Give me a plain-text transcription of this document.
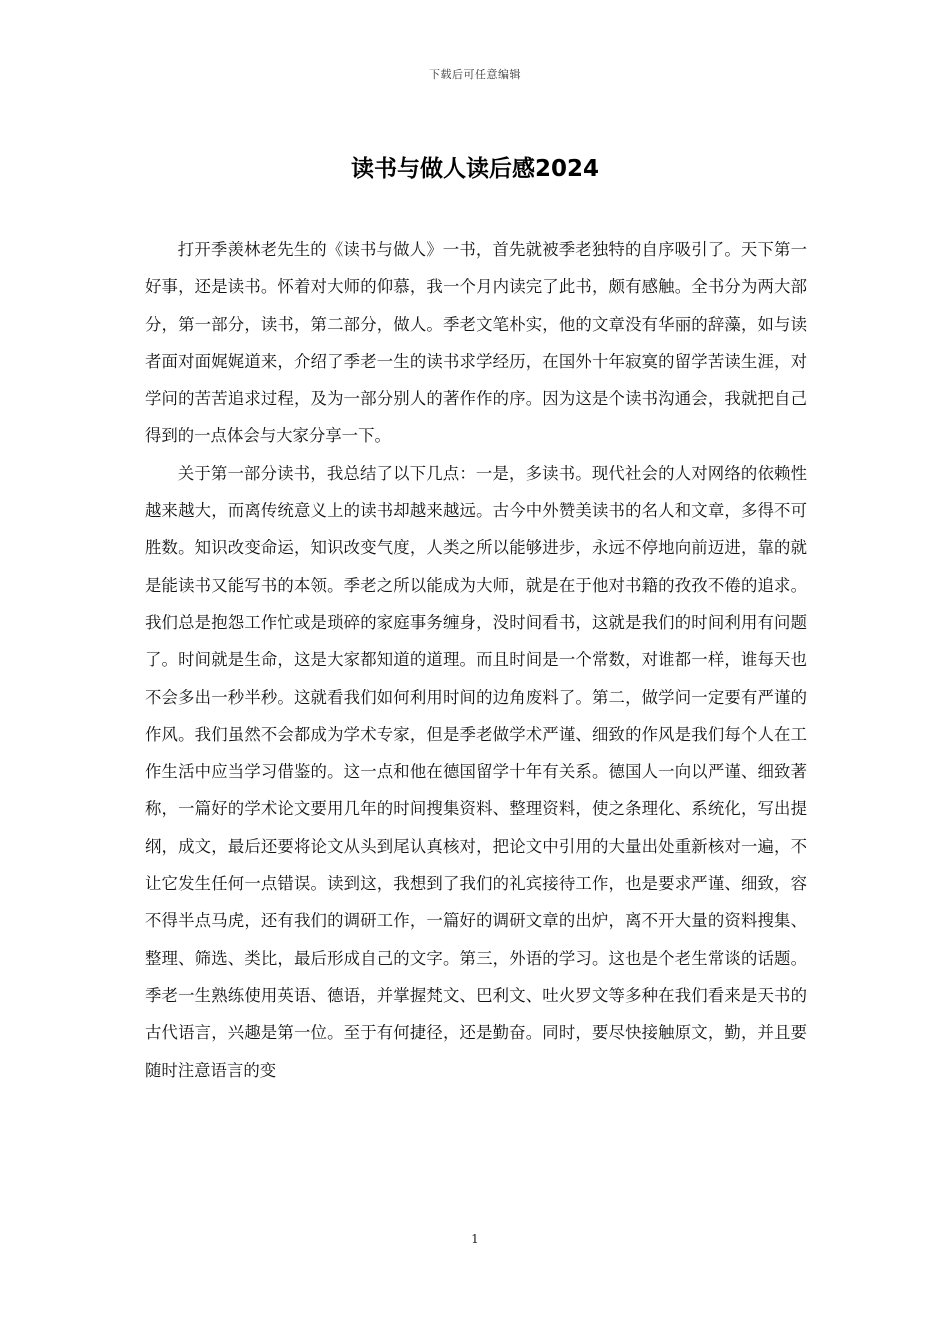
下载后可任意编辑
读书与做人读后感2024

打开季羡林老先生的《读书与做人》一书，首先就被季老独特的自序吸引了。天下第一好事，还是读书。怀着对大师的仰慕，我一个月内读完了此书，颇有感触。全书分为两大部分，第一部分，读书，第二部分，做人。季老文笔朴实，他的文章没有华丽的辞藻，如与读者面对面娓娓道来，介绍了季老一生的读书求学经历，在国外十年寂寞的留学苦读生涯，对学问的苦苦追求过程，及为一部分别人的著作作的序。因为这是个读书沟通会，我就把自己得到的一点体会与大家分享一下。

关于第一部分读书，我总结了以下几点：一是，多读书。现代社会的人对网络的依赖性越来越大，而离传统意义上的读书却越来越远。古今中外赞美读书的名人和文章，多得不可胜数。知识改变命运，知识改变气度，人类之所以能够进步，永远不停地向前迈进，靠的就是能读书又能写书的本领。季老之所以能成为大师，就是在于他对书籍的孜孜不倦的追求。我们总是抱怨工作忙或是琐碎的家庭事务缠身，没时间看书，这就是我们的时间利用有问题了。时间就是生命，这是大家都知道的道理。而且时间是一个常数，对谁都一样，谁每天也不会多出一秒半秒。这就看我们如何利用时间的边角废料了。第二，做学问一定要有严谨的作风。我们虽然不会都成为学术专家，但是季老做学术严谨、细致的作风是我们每个人在工作生活中应当学习借鉴的。这一点和他在德国留学十年有关系。德国人一向以严谨、细致著称，一篇好的学术论文要用几年的时间搜集资料、整理资料，使之条理化、系统化，写出提纲，成文，最后还要将论文从头到尾认真核对，把论文中引用的大量出处重新核对一遍，不让它发生任何一点错误。读到这，我想到了我们的礼宾接待工作，也是要求严谨、细致，容不得半点马虎，还有我们的调研工作，一篇好的调研文章的出炉，离不开大量的资料搜集、整理、筛选、类比，最后形成自己的文字。第三，外语的学习。这也是个老生常谈的话题。季老一生熟练使用英语、德语，并掌握梵文、巴利文、吐火罗文等多种在我们看来是天书的古代语言，兴趣是第一位。至于有何捷径，还是勤奋。同时，要尽快接触原文，勤，并且要随时注意语言的变

1
